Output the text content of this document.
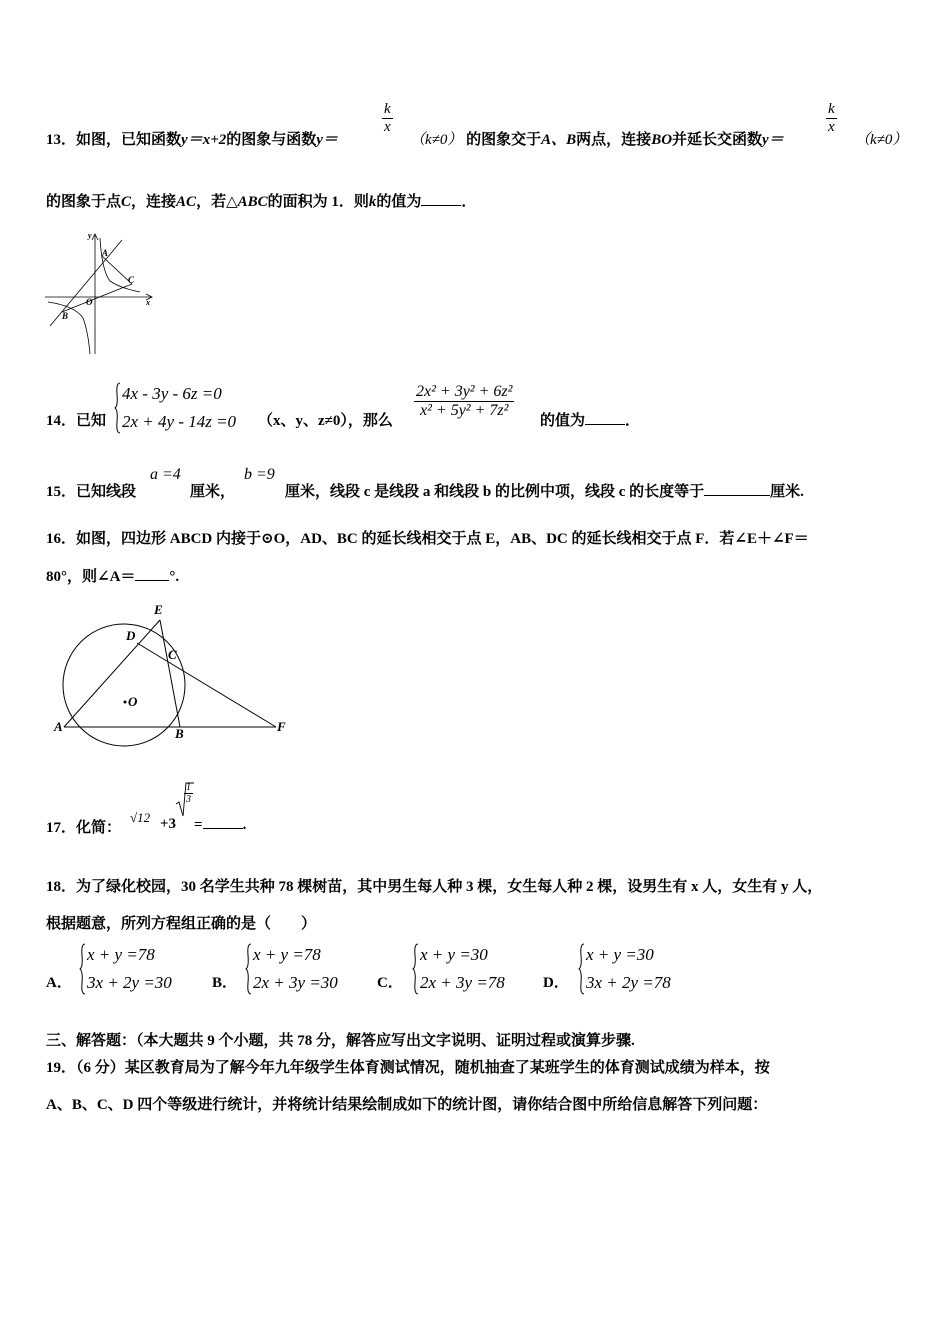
13．如图，已知函数y＝x+2的图象与函数y＝
$\frac{k}{x}$
（k≠0） 的图象交于A、B两点，连接BO并延长交函数y＝
$\frac{k}{x}$
（k≠0）
的图象于点C，连接AC，若△ABC的面积为 1．则k的值为	．
y
x
A
B
C
O
14．已知
4x - 3y - 6z =0
2x + 4y - 14z =0 （x、y、z≠0），那么
$\frac{\text{2x² + 3y² + 6z²}}{\text{x² + 5y² + 7z²}}$
的值为	．
15．已知线段
a =4
厘米，
b =9
厘米，线段 c 是线段 a 和线段 b 的比例中项，线段 c 的长度等于	厘米.
16．如图，四边形 ABCD 内接于⊙O，AD、BC 的延长线相交于点 E，AB、DC 的延长线相交于点 F．若∠E＋∠F＝
80°，则∠A＝ °.
E
D
C
O
A	B	F
17．化简：
√12 +3
$\frac{1}{3}$
=	.
18．为了绿化校园，30 名学生共种 78 棵树苗，其中男生每人种 3 棵，女生每人种 2 棵，设男生有 x 人，女生有 y 人，
根据题意，所列方程组正确的是（　　）
A．
x + y =78
3x + 2y =30	B．
x + y =78
2x + 3y =30	C．
x + y =30
2x + 3y =78	D．
x + y =30
3x + 2y =78
三、解答题：（本大题共 9 个小题，共 78 分，解答应写出文字说明、证明过程或演算步骤.
19．（6 分）某区教育局为了解今年九年级学生体育测试情况，随机抽查了某班学生的体育测试成绩为样本，按
A、B、C、D 四个等级进行统计，并将统计结果绘制成如下的统计图，请你结合图中所给信息解答下列问题：
